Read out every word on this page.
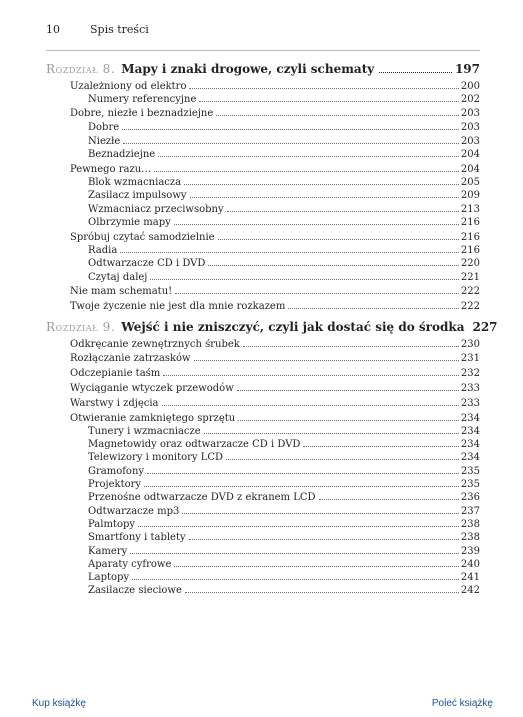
10	Spis treści
Rozdział 8. Mapy i znaki drogowe, czyli schematy	197
Uzależniony od elektro	200
Numery referencyjne	202
Dobre, niezłe i beznadziejne	203
Dobre	203
Niezłe	203
Beznadziejne	204
Pewnego razu…	204
Blok wzmacniacza	205
Zasilacz impulsowy	209
Wzmacniacz przeciwsobny	213
Olbrzymie mapy	216
Spróbuj czytać samodzielnie	216
Radia	216
Odtwarzacze CD i DVD	220
Czytaj dalej	221
Nie mam schematu!	222
Twoje życzenie nie jest dla mnie rozkazem	222
Rozdział 9. Wejść i nie zniszczyć, czyli jak dostać się do środka 227
Odkręcanie zewnętrznych śrubek	230
Rozłączanie zatrzasków	231
Odczepianie taśm	232
Wyciąganie wtyczek przewodów	233
Warstwy i zdjęcia	233
Otwieranie zamkniętego sprzętu	234
Tunery i wzmacniacze	234
Magnetowidy oraz odtwarzacze CD i DVD	234
Telewizory i monitory LCD	234
Gramofony	235
Projektory	235
Przenośne odtwarzacze DVD z ekranem LCD	236
Odtwarzacze mp3	237
Palmtopy	238
Smartfony i tablety	238
Kamery	239
Aparaty cyfrowe	240
Laptopy	241
Zasilacze sieciowe	242
Kup książkę	Poleć książkę
